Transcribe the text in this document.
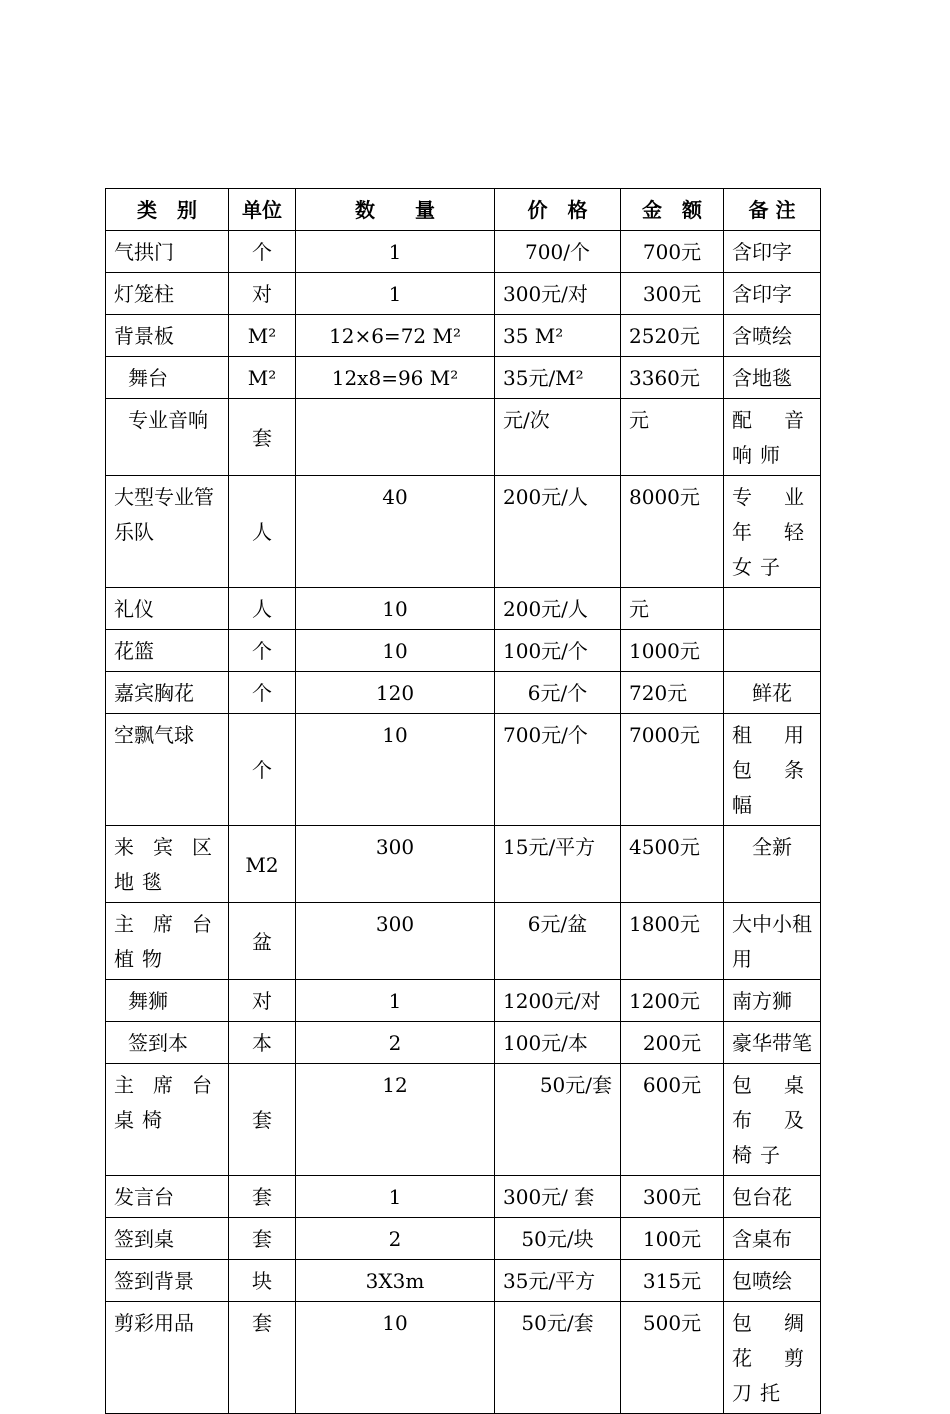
类　别	单位	数　　量	价　格	金　额	备 注
气拱门	个	1	700/个	700元	含印字
灯笼柱	对	1	300元/对	300元	含印字
背景板	M²	12×6=72 M²	35 M²	2520元	含喷绘
舞台	M²	12x8=96 M²	35元/M²	3360元	含地毯
专业音响	套		元/次	元	配音响师
大型专业管乐队	人	40	200元/人	8000元	专业年轻女子
礼仪	人	10	200元/人	元	
花篮	个	10	100元/个	1000元	
嘉宾胸花	个	120	6元/个	720元	鲜花
空飘气球	个	10	700元/个	7000元	租用包条幅
来宾区地毯	M2	300	15元/平方	4500元	全新
主席台植物	盆	300	6元/盆	1800元	大中小租用
舞狮	对	1	1200元/对	1200元	南方狮
签到本	本	2	100元/本	200元	豪华带笔
主席台桌椅	套	12	50元/套	600元	包桌布及椅子
发言台	套	1	300元/ 套	300元	包台花
签到桌	套	2	50元/块	100元	含桌布
签到背景	块	3X3m	35元/平方	315元	包喷绘
剪彩用品	套	10	50元/套	500元	包绸花剪刀托
